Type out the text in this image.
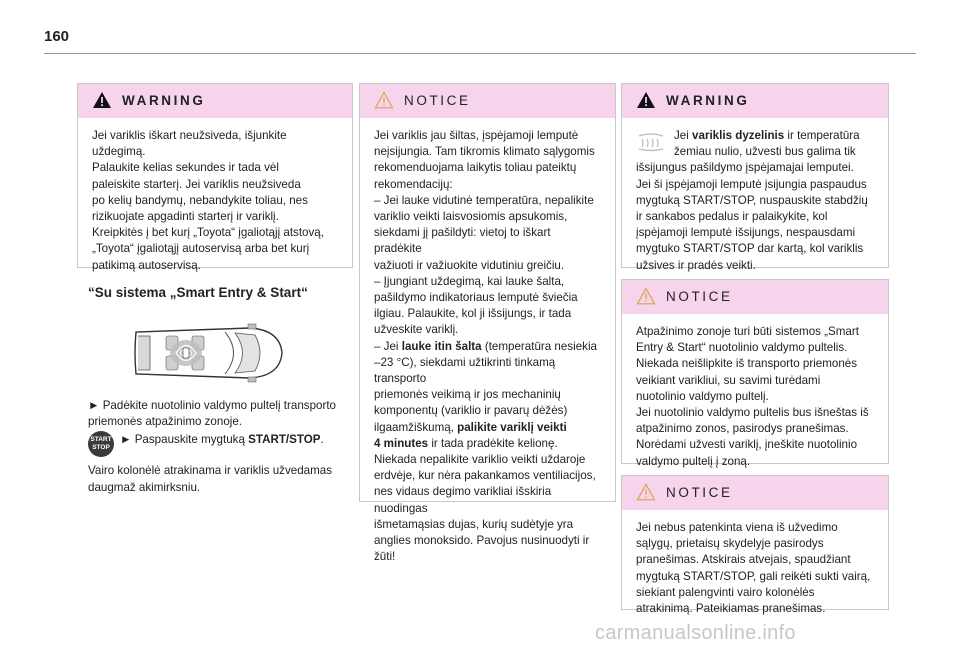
160
WARNING

Jei variklis iškart neužsiveda, išjunkite

uždegimą.

Palaukite kelias sekundes ir tada vėl

paleiskite starterį. Jei variklis neužsiveda

po kelių bandymų, nebandykite toliau, nes

rizikuojate apgadinti starterį ir variklį.

Kreipkitės į bet kurį „Toyota“ įgaliotąjį atstovą,

„Toyota“ įgaliotąjį autoservisą arba bet kurį

patikimą autoservisą.

“Su sistema „Smart Entry & Start“

► Padėkite nuotolinio valdymo pultelį transporto

priemonės atpažinimo zonoje.

START
STOP
► Paspauskite mygtuką START/STOP.

Vairo kolonėlė atrakinama ir variklis užvedamas

daugmaž akimirksniu.

NOTICE

Jei variklis jau šiltas, įspėjamoji lemputė

neįsijungia. Tam tikromis klimato sąlygomis

rekomenduojama laikytis toliau pateiktų

rekomendacijų:

– Jei lauke vidutinė temperatūra, nepalikite

variklio veikti laisvosiomis apsukomis,

siekdami jį pašildyti: vietoj to iškart pradėkite

važiuoti ir važiuokite vidutiniu greičiu.

– Įjungiant uždegimą, kai lauke šalta,

pašildymo indikatoriaus lemputė šviečia

ilgiau. Palaukite, kol ji išsijungs, ir tada

užveskite variklį.

– Jei lauke itin šalta (temperatūra nesiekia

–23 °C), siekdami užtikrinti tinkamą transporto

priemonės veikimą ir jos mechaninių

komponentų (variklio ir pavarų dėžės)

ilgaamžiškumą, palikite variklį veikti

4 minutes ir tada pradėkite kelionę.

Niekada nepalikite variklio veikti uždaroje

erdvėje, kur nėra pakankamos ventiliacijos,

nes vidaus degimo varikliai išskiria nuodingas

išmetamąsias dujas, kurių sudėtyje yra

anglies monoksido. Pavojus nusinuodyti ir

žūti!

WARNING

Jei variklis dyzelinis ir temperatūra

žemiau nulio, užvesti bus galima tik

išsijungus pašildymo įspėjamajai lemputei.

Jei ši įspėjamoji lemputė įsijungia paspaudus

mygtuką START/STOP, nuspauskite stabdžių

ir sankabos pedalus ir palaikykite, kol

įspėjamoji lemputė išsijungs, nespausdami

mygtuko START/STOP dar kartą, kol variklis

užsives ir pradės veikti.

NOTICE

Atpažinimo zonoje turi būti sistemos „Smart

Entry & Start“ nuotolinio valdymo pultelis.

Niekada neišlipkite iš transporto priemonės

veikiant varikliui, su savimi turėdami

nuotolinio valdymo pultelį.

Jei nuotolinio valdymo pultelis bus išneštas iš

atpažinimo zonos, pasirodys pranešimas.

Norėdami užvesti variklį, įneškite nuotolinio

valdymo pultelį į zoną.

NOTICE

Jei nebus patenkinta viena iš užvedimo

sąlygų, prietaisų skydelyje pasirodys

pranešimas. Atskirais atvejais, spaudžiant

mygtuką START/STOP, gali reikėti sukti vairą,

siekiant palengvinti vairo kolonėlės

atrakinimą. Pateikiamas pranešimas.

carmanualsonline.info
